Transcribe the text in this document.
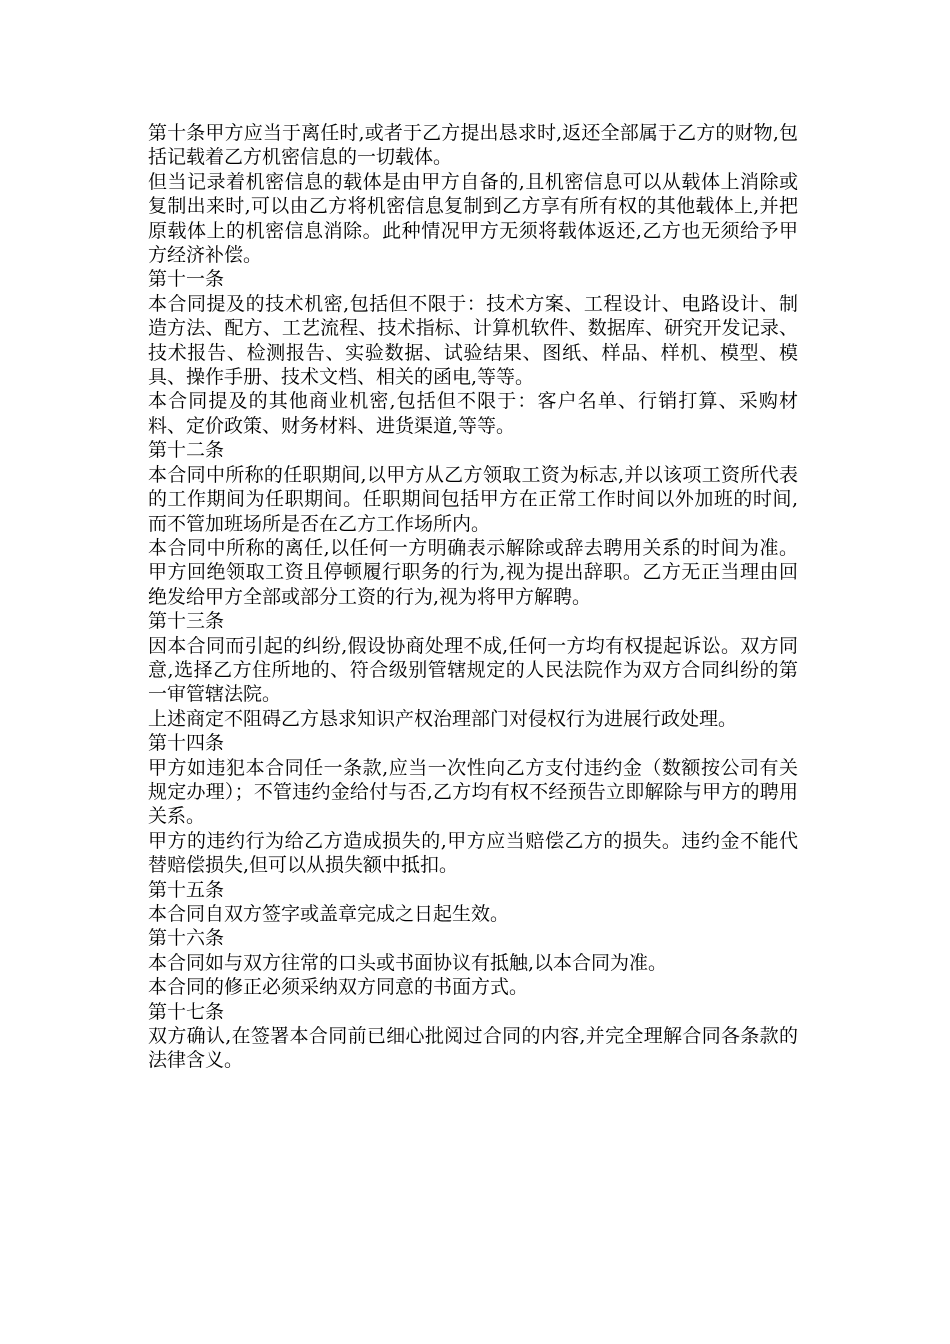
第十条甲方应当于离任时,或者于乙方提出恳求时,返还全部属于乙方的财物,包括记载着乙方机密信息的一切载体。

但当记录着机密信息的载体是由甲方自备的,且机密信息可以从载体上消除或复制出来时,可以由乙方将机密信息复制到乙方享有所有权的其他载体上,并把原载体上的机密信息消除。此种情况甲方无须将载体返还,乙方也无须给予甲方经济补偿。

第十一条

本合同提及的技术机密,包括但不限于：技术方案、工程设计、电路设计、制造方法、配方、工艺流程、技术指标、计算机软件、数据库、研究开发记录、技术报告、检测报告、实验数据、试验结果、图纸、样品、样机、模型、模具、操作手册、技术文档、相关的函电,等等。

本合同提及的其他商业机密,包括但不限于：客户名单、行销打算、采购材料、定价政策、财务材料、进货渠道,等等。

第十二条

本合同中所称的任职期间,以甲方从乙方领取工资为标志,并以该项工资所代表的工作期间为任职期间。任职期间包括甲方在正常工作时间以外加班的时间,而不管加班场所是否在乙方工作场所内。

本合同中所称的离任,以任何一方明确表示解除或辞去聘用关系的时间为准。甲方回绝领取工资且停顿履行职务的行为,视为提出辞职。乙方无正当理由回绝发给甲方全部或部分工资的行为,视为将甲方解聘。

第十三条

因本合同而引起的纠纷,假设协商处理不成,任何一方均有权提起诉讼。双方同意,选择乙方住所地的、符合级别管辖规定的人民法院作为双方合同纠纷的第一审管辖法院。

上述商定不阻碍乙方恳求知识产权治理部门对侵权行为进展行政处理。

第十四条

甲方如违犯本合同任一条款,应当一次性向乙方支付违约金（数额按公司有关规定办理）；不管违约金给付与否,乙方均有权不经预告立即解除与甲方的聘用关系。

甲方的违约行为给乙方造成损失的,甲方应当赔偿乙方的损失。违约金不能代替赔偿损失,但可以从损失额中抵扣。

第十五条

本合同自双方签字或盖章完成之日起生效。

第十六条

本合同如与双方往常的口头或书面协议有抵触,以本合同为准。

本合同的修正必须采纳双方同意的书面方式。

第十七条

双方确认,在签署本合同前已细心批阅过合同的内容,并完全理解合同各条款的法律含义。
